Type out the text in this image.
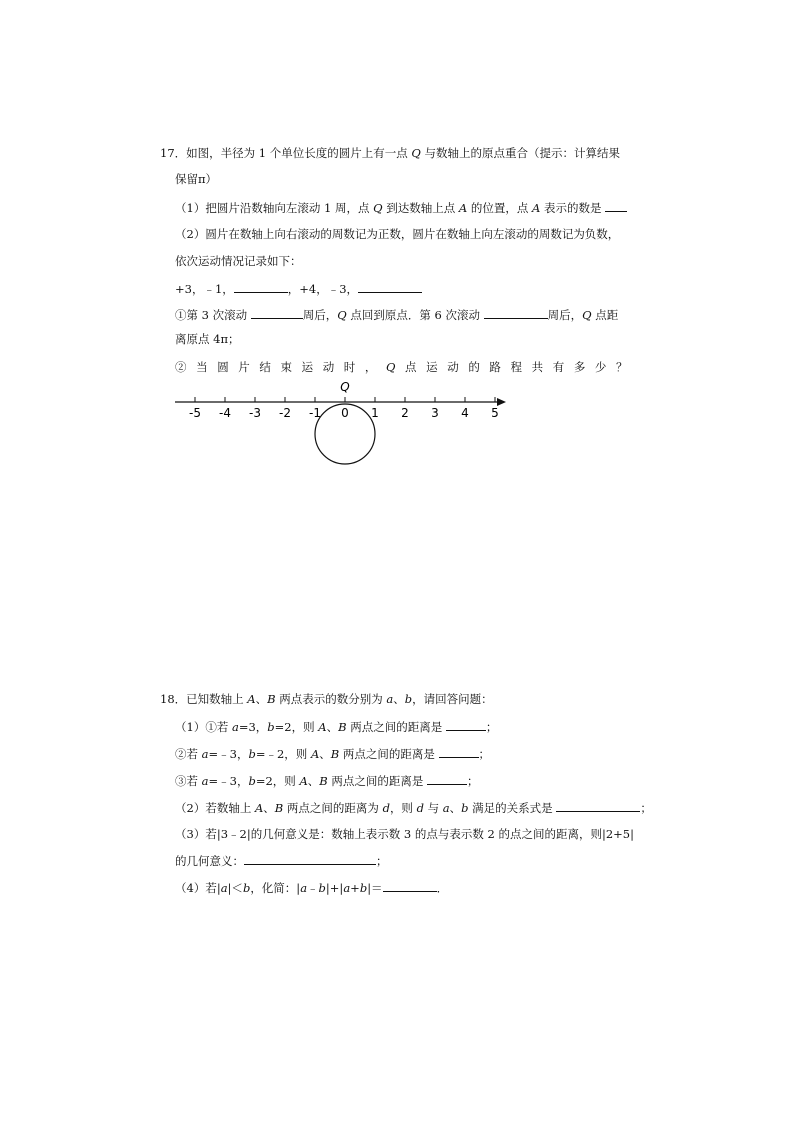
17．如图，半径为 1 个单位长度的圆片上有一点 Q 与数轴上的原点重合（提示：计算结果
保留π）
（1）把圆片沿数轴向左滚动 1 周，点 Q 到达数轴上点 A 的位置，点 A 表示的数是
（2）圆片在数轴上向右滚动的周数记为正数，圆片在数轴上向左滚动的周数记为负数，
依次运动情况记录如下：
+3，﹣1，	，+4，﹣3，
①第 3 次滚动	周后，Q 点回到原点．第 6 次滚动	周后，Q 点距
离原点 4π；
②当圆片结束运动时，Q点运动的路程共有多少？
-5 -4 -3 -2 -1 0 1 2 3 4 5
Q
18．已知数轴上 A、B 两点表示的数分别为 a、b，请回答问题：
（1）①若 a=3，b=2，则 A、B 两点之间的距离是	；
②若 a=﹣3，b=﹣2，则 A、B 两点之间的距离是	；
③若 a=﹣3，b=2，则 A、B 两点之间的距离是	；
（2）若数轴上 A、B 两点之间的距离为 d，则 d 与 a、b 满足的关系式是	；
（3）若|3﹣2|的几何意义是：数轴上表示数 3 的点与表示数 2 的点之间的距离，则|2+5|
的几何意义：	；
（4）若|a|＜b，化简：|a﹣b|+|a+b|＝	．
